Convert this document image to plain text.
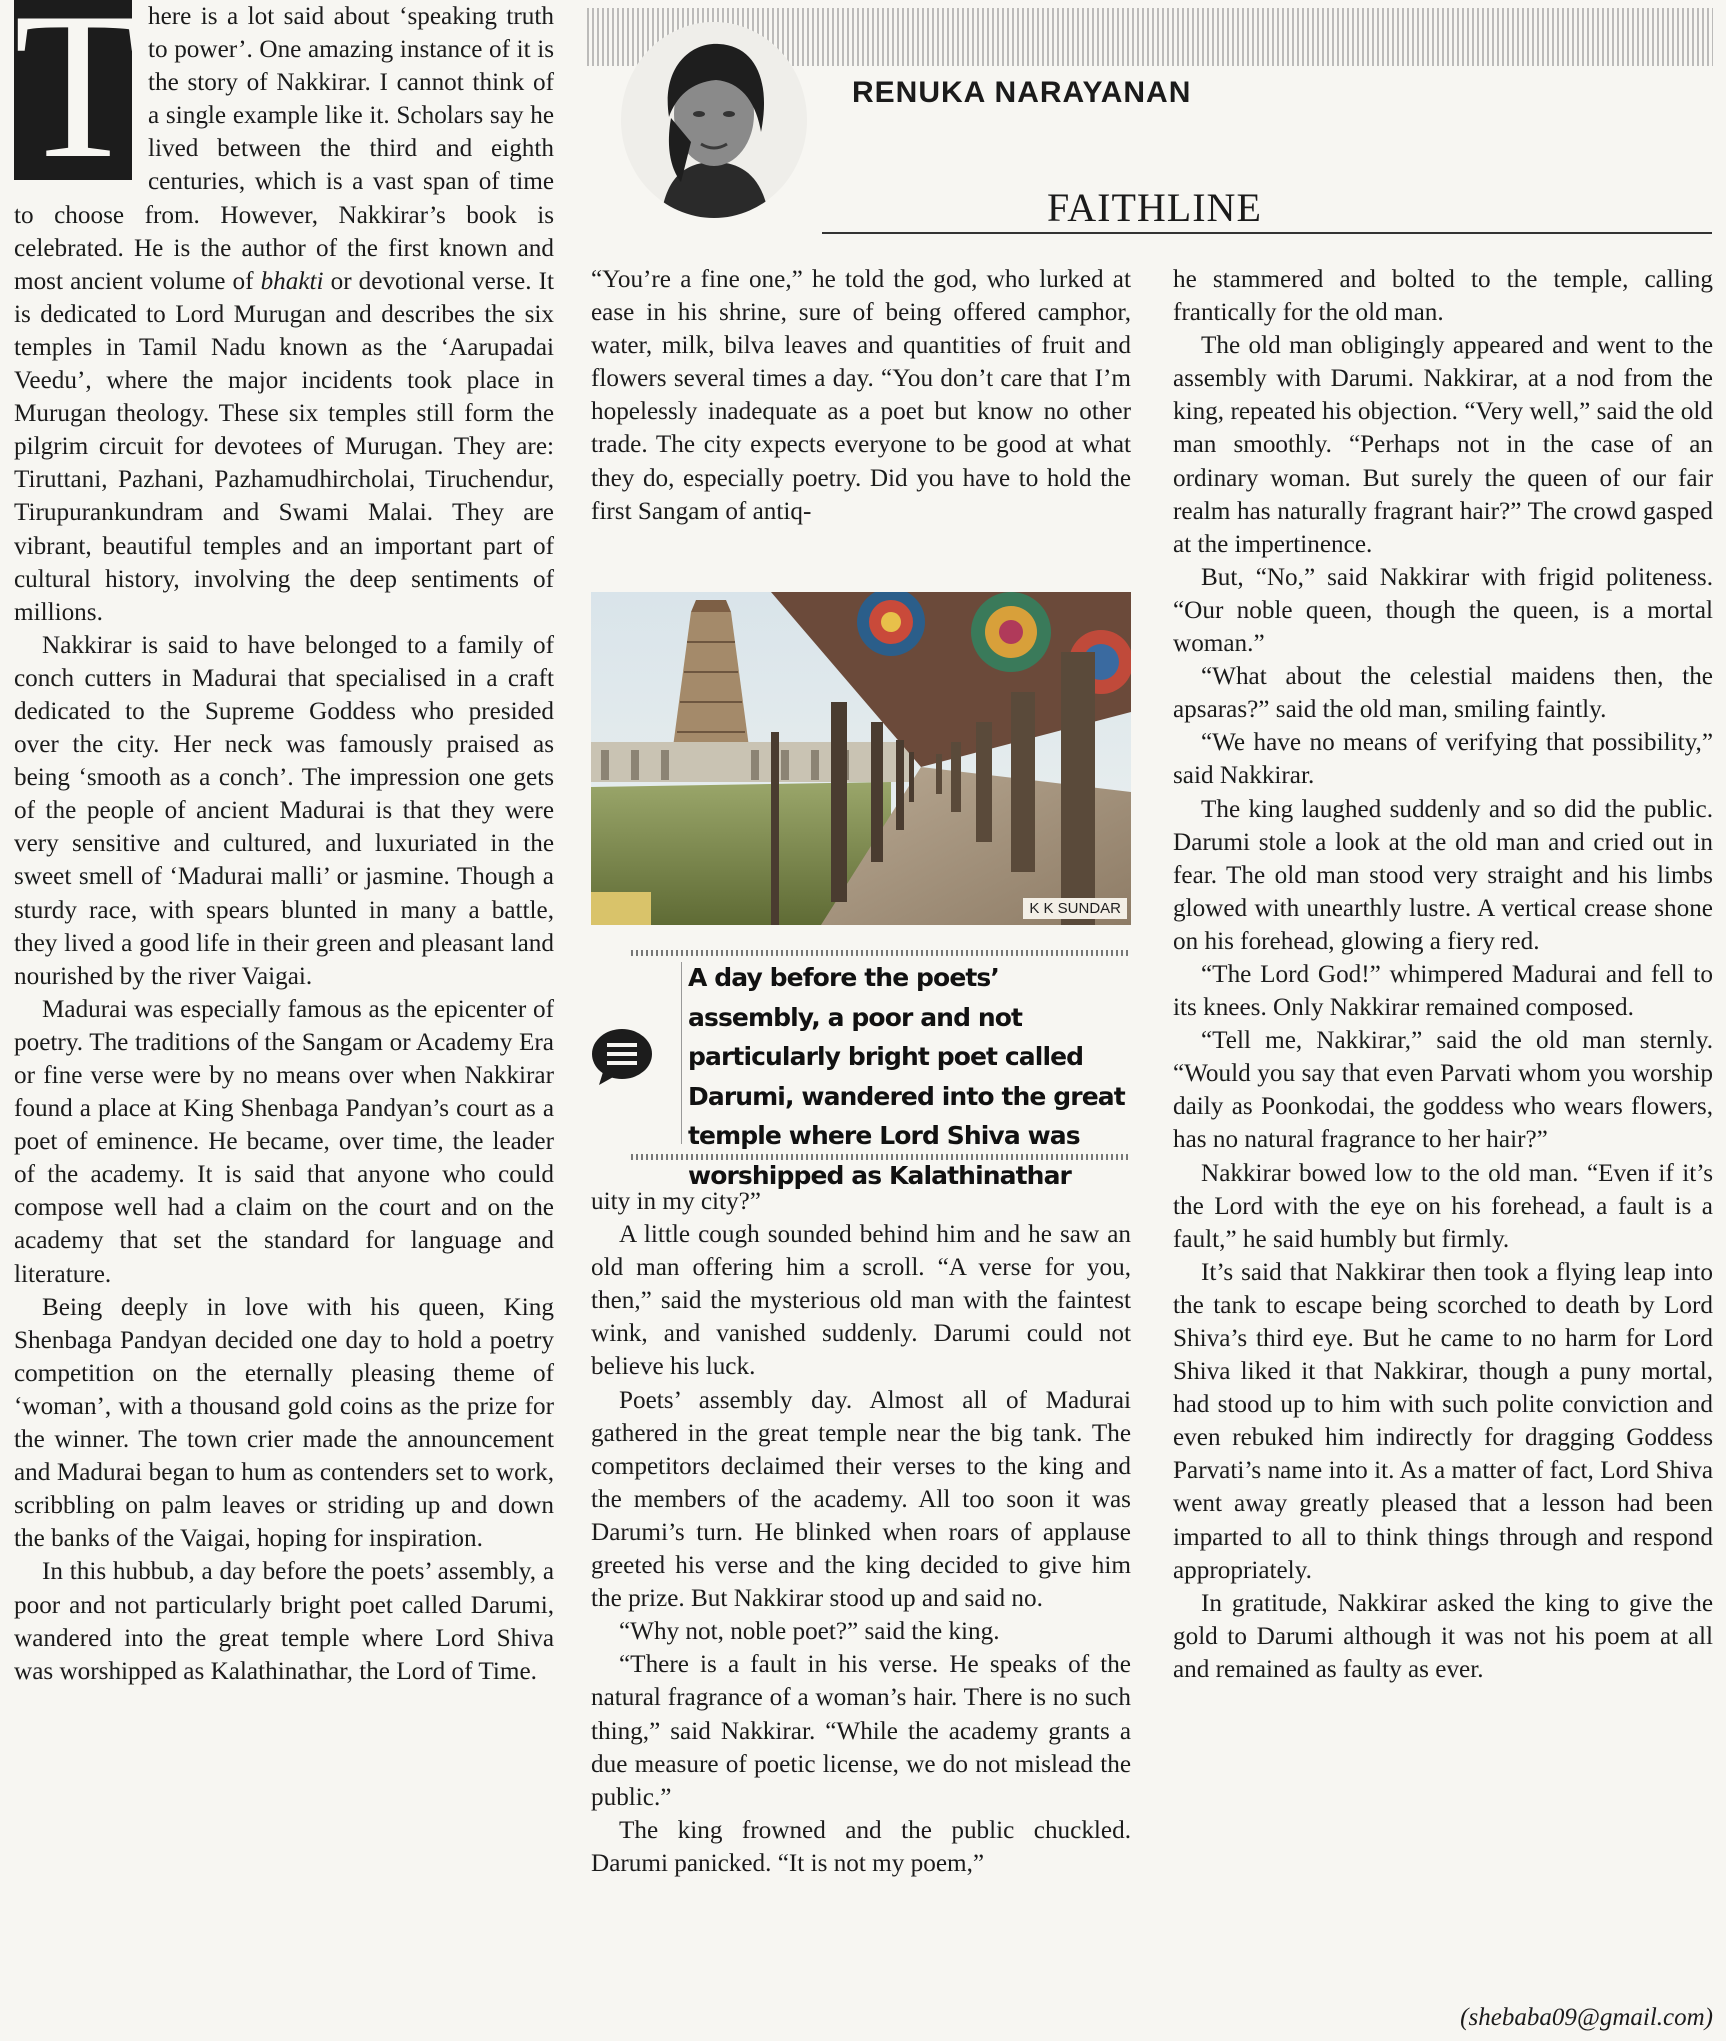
T here is a lot said about ‘speaking truth to power’. One amazing instance of it is the story of Nakkirar. I cannot think of a single example like it. Scholars say he lived between the third and eighth centuries, which is a vast span of time to choose from. However, Nakkirar’s book is celebrated. He is the author of the first known and most ancient volume of bhakti or devotional verse. It is dedicated to Lord Murugan and describes the six temples in Tamil Nadu known as the ‘Aarupadai Veedu’, where the major incidents took place in Murugan theology. These six temples still form the pilgrim circuit for devotees of Murugan. They are: Tiruttani, Pazhani, Pazhamudhircholai, Tiruchendur, Tirupurankundram and Swami Malai. They are vibrant, beautiful temples and an important part of cultural history, involving the deep sentiments of millions.

Nakkirar is said to have belonged to a family of conch cutters in Madurai that specialised in a craft dedicated to the Supreme Goddess who presided over the city. Her neck was famously praised as being ‘smooth as a conch’. The impression one gets of the people of ancient Madurai is that they were very sensitive and cultured, and luxuriated in the sweet smell of ‘Madurai malli’ or jasmine. Though a sturdy race, with spears blunted in many a battle, they lived a good life in their green and pleasant land nourished by the river Vaigai.

Madurai was especially famous as the epicenter of poetry. The traditions of the Sangam or Academy Era or fine verse were by no means over when Nakkirar found a place at King Shenbaga Pandyan’s court as a poet of eminence. He became, over time, the leader of the academy. It is said that anyone who could compose well had a claim on the court and on the academy that set the standard for language and literature.

Being deeply in love with his queen, King Shenbaga Pandyan decided one day to hold a poetry competition on the eternally pleasing theme of ‘woman’, with a thousand gold coins as the prize for the winner. The town crier made the announcement and Madurai began to hum as contenders set to work, scribbling on palm leaves or striding up and down the banks of the Vaigai, hoping for inspiration.

In this hubbub, a day before the poets’ assembly, a poor and not particularly bright poet called Darumi, wandered into the great temple where Lord Shiva was worshipped as Kalathinathar, the Lord of Time.

RENUKA NARAYANAN
FAITHLINE

“You’re a fine one,” he told the god, who lurked at ease in his shrine, sure of being offered camphor, water, milk, bilva leaves and quantities of fruit and flowers several times a day. “You don’t care that I’m hopelessly inadequate as a poet but know no other trade. The city expects everyone to be good at what they do, especially poetry. Did you have to hold the first Sangam of antiq-

K K SUNDAR
A day before the poets’ assembly, a poor and not particularly bright poet called Darumi, wandered into the great temple where Lord Shiva was worshipped as Kalathinathar

uity in my city?”

A little cough sounded behind him and he saw an old man offering him a scroll. “A verse for you, then,” said the mysterious old man with the faintest wink, and vanished suddenly. Darumi could not believe his luck.

Poets’ assembly day. Almost all of Madurai gathered in the great temple near the big tank. The competitors declaimed their verses to the king and the members of the academy. All too soon it was Darumi’s turn. He blinked when roars of applause greeted his verse and the king decided to give him the prize. But Nakkirar stood up and said no.

“Why not, noble poet?” said the king.

“There is a fault in his verse. He speaks of the natural fragrance of a woman’s hair. There is no such thing,” said Nakkirar. “While the academy grants a due measure of poetic license, we do not mislead the public.”

The king frowned and the public chuckled. Darumi panicked. “It is not my poem,”

he stammered and bolted to the temple, calling frantically for the old man.

The old man obligingly appeared and went to the assembly with Darumi. Nakkirar, at a nod from the king, repeated his objection. “Very well,” said the old man smoothly. “Perhaps not in the case of an ordinary woman. But surely the queen of our fair realm has naturally fragrant hair?” The crowd gasped at the impertinence.

But, “No,” said Nakkirar with frigid politeness. “Our noble queen, though the queen, is a mortal woman.”

“What about the celestial maidens then, the apsaras?” said the old man, smiling faintly.

“We have no means of verifying that possibility,” said Nakkirar.

The king laughed suddenly and so did the public. Darumi stole a look at the old man and cried out in fear. The old man stood very straight and his limbs glowed with unearthly lustre. A vertical crease shone on his forehead, glowing a fiery red.

“The Lord God!” whimpered Madurai and fell to its knees. Only Nakkirar remained composed.

“Tell me, Nakkirar,” said the old man sternly. “Would you say that even Parvati whom you worship daily as Poonkodai, the goddess who wears flowers, has no natural fragrance to her hair?”

Nakkirar bowed low to the old man. “Even if it’s the Lord with the eye on his forehead, a fault is a fault,” he said humbly but firmly.

It’s said that Nakkirar then took a flying leap into the tank to escape being scorched to death by Lord Shiva’s third eye. But he came to no harm for Lord Shiva liked it that Nakkirar, though a puny mortal, had stood up to him with such polite conviction and even rebuked him indirectly for dragging Goddess Parvati’s name into it. As a matter of fact, Lord Shiva went away greatly pleased that a lesson had been imparted to all to think things through and respond appropriately.

In gratitude, Nakkirar asked the king to give the gold to Darumi although it was not his poem at all and remained as faulty as ever.

(shebaba09@gmail.com)
